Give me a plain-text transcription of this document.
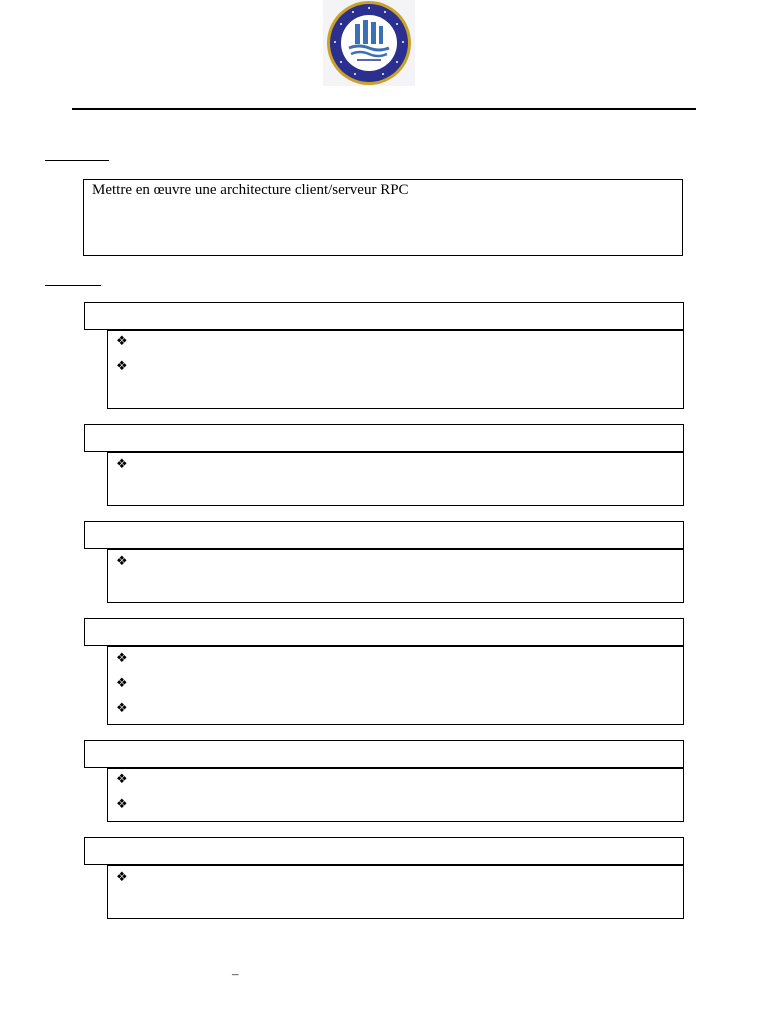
Mettre en œuvre une architecture client/serveur RPC
❖
❖
❖
❖
❖
❖
❖
❖
❖
❖
–
